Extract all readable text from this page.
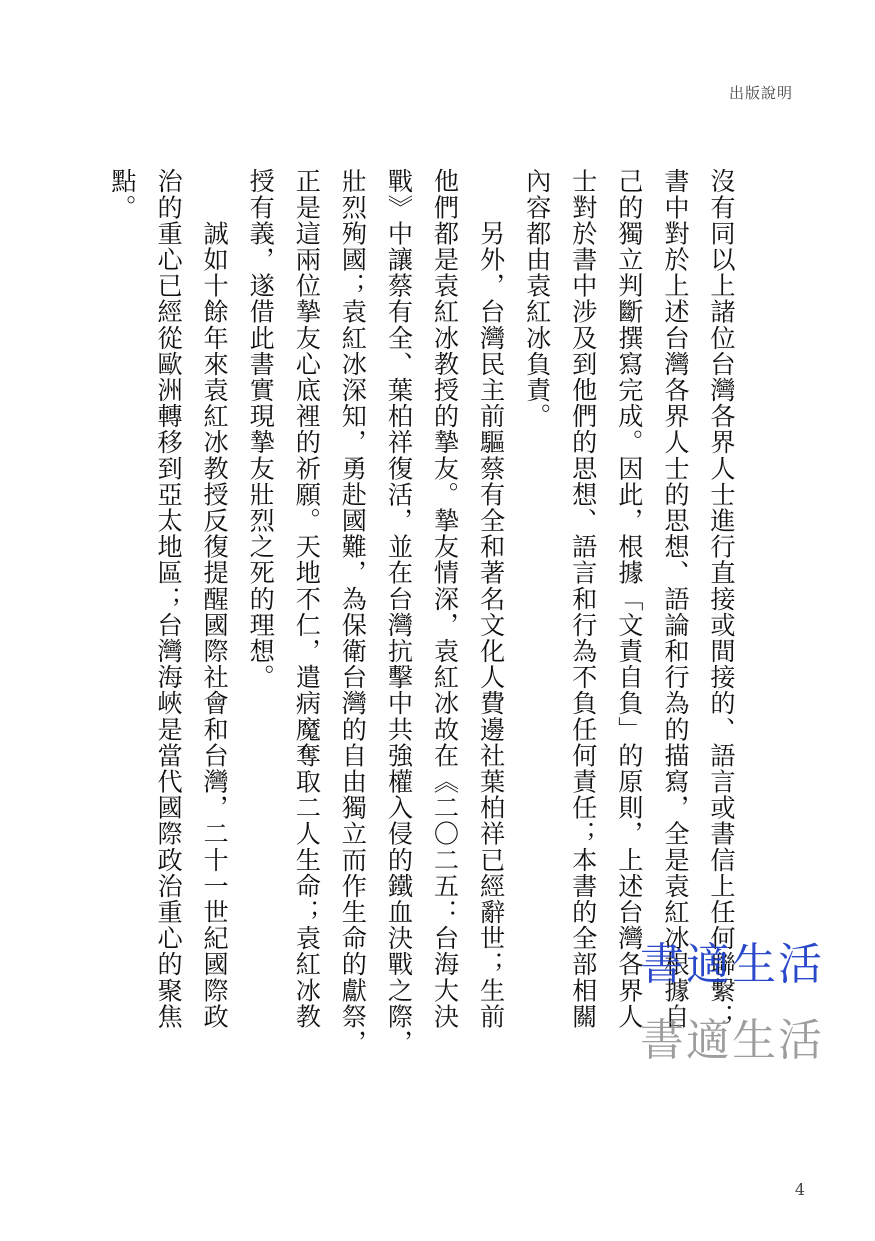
出版說明
沒有同以上諸位台灣各界人士進行直接或間接的、語言或書信上任何聯繫；
書中對於上述台灣各界人士的思想、語論和行為的描寫，全是袁紅冰根據自
己的獨立判斷撰寫完成。因此，根據「文責自負」的原則，上述台灣各界人
士對於書中涉及到他們的思想、語言和行為不負任何責任；本書的全部相關
內容都由袁紅冰負責。
　　另外，台灣民主前驅蔡有全和著名文化人費邊社葉柏祥已經辭世；生前
他們都是袁紅冰教授的摯友。摯友情深，袁紅冰故在《二〇二五：台海大決
戰》中讓蔡有全、葉柏祥復活，並在台灣抗擊中共強權入侵的鐵血決戰之際，
壯烈殉國；袁紅冰深知，勇赴國難，為保衛台灣的自由獨立而作生命的獻祭，
正是這兩位摯友心底裡的祈願。天地不仁，遣病魔奪取二人生命；袁紅冰教
授有義，遂借此書實現摯友壯烈之死的理想。
　　誠如十餘年來袁紅冰教授反復提醒國際社會和台灣，二十一世紀國際政
治的重心已經從歐洲轉移到亞太地區；台灣海峽是當代國際政治重心的聚焦
點。
書適生活
書適生活
4
